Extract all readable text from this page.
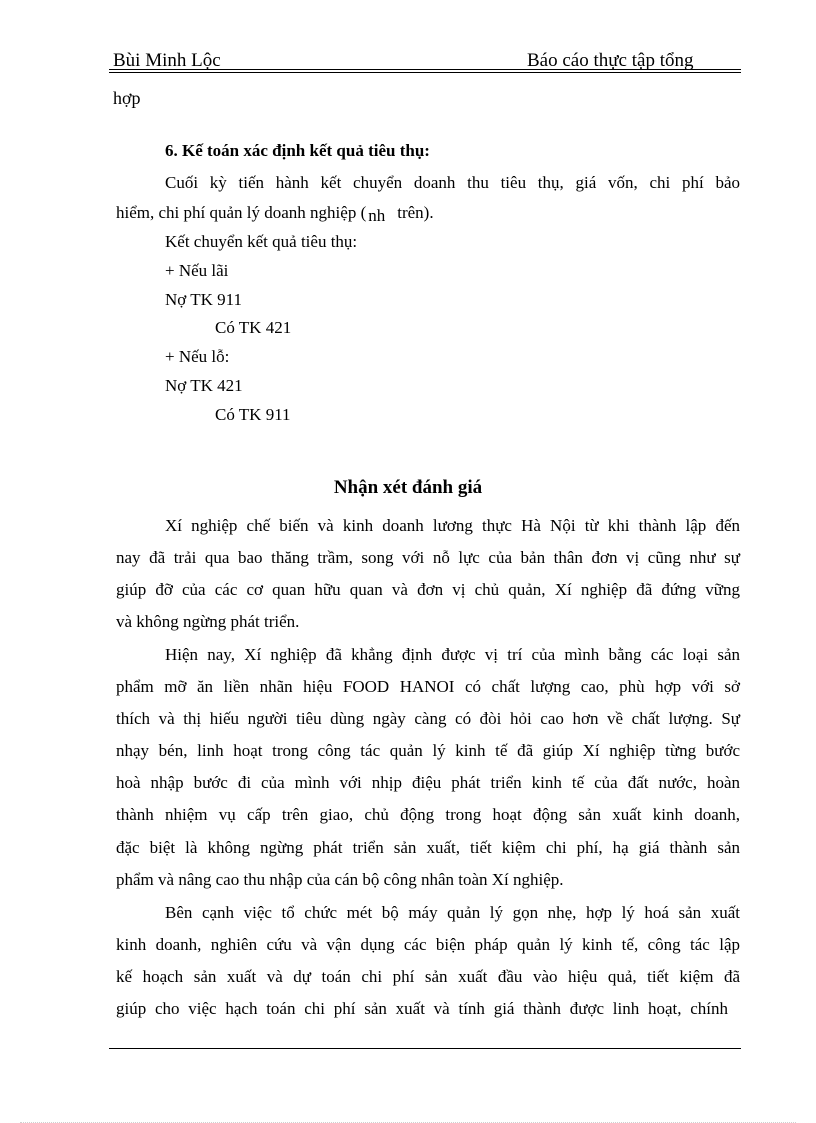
Bùi Minh Lộc	Báo cáo thực tập tổng
hợp
6. Kế toán xác định kết quả tiêu thụ:
Cuối kỳ tiến hành kết chuyển doanh thu tiêu thụ, giá vốn, chi phí bảo
hiểm, chi phí quản lý doanh nghiệp ( nh trên).
Kết chuyển kết quả tiêu thụ:
+ Nếu lãi
Nợ TK 911
Có TK 421
+ Nếu lỗ:
Nợ TK 421
Có TK 911
Nhận xét đánh giá
Xí nghiệp chế biến và kinh doanh lương thực Hà Nội từ khi thành lập đến
nay đã trải qua bao thăng trầm, song với nỗ lực của bản thân đơn vị cũng như sự
giúp đỡ của các cơ quan hữu quan và đơn vị chủ quản, Xí nghiệp đã đứng vững
và không ngừng phát triển.
Hiện nay, Xí nghiệp đã khẳng định được vị trí của mình bằng các loại sản
phẩm mỡ ăn liền nhãn hiệu FOOD HANOI có chất lượng cao, phù hợp với sở
thích và thị hiếu người tiêu dùng ngày càng có đòi hỏi cao hơn về chất lượng. Sự
nhạy bén, linh hoạt trong công tác quản lý kinh tế đã giúp Xí nghiệp từng bước
hoà nhập bước đi của mình với nhịp điệu phát triển kinh tế của đất nước, hoàn
thành nhiệm vụ cấp trên giao, chủ động trong hoạt động sản xuất kinh doanh,
đặc biệt là không ngừng phát triển sản xuất, tiết kiệm chi phí, hạ giá thành sản
phẩm và nâng cao thu nhập của cán bộ công nhân toàn Xí nghiệp.
Bên cạnh việc tổ chức mét bộ máy quản lý gọn nhẹ, hợp lý hoá sản xuất
kinh doanh, nghiên cứu và vận dụng các biện pháp quản lý kinh tế, công tác lập
kế hoạch sản xuất và dự toán chi phí sản xuất đầu vào hiệu quả, tiết kiệm đã
giúp cho việc hạch toán chi phí sản xuất và tính giá thành được linh hoạt, chính
